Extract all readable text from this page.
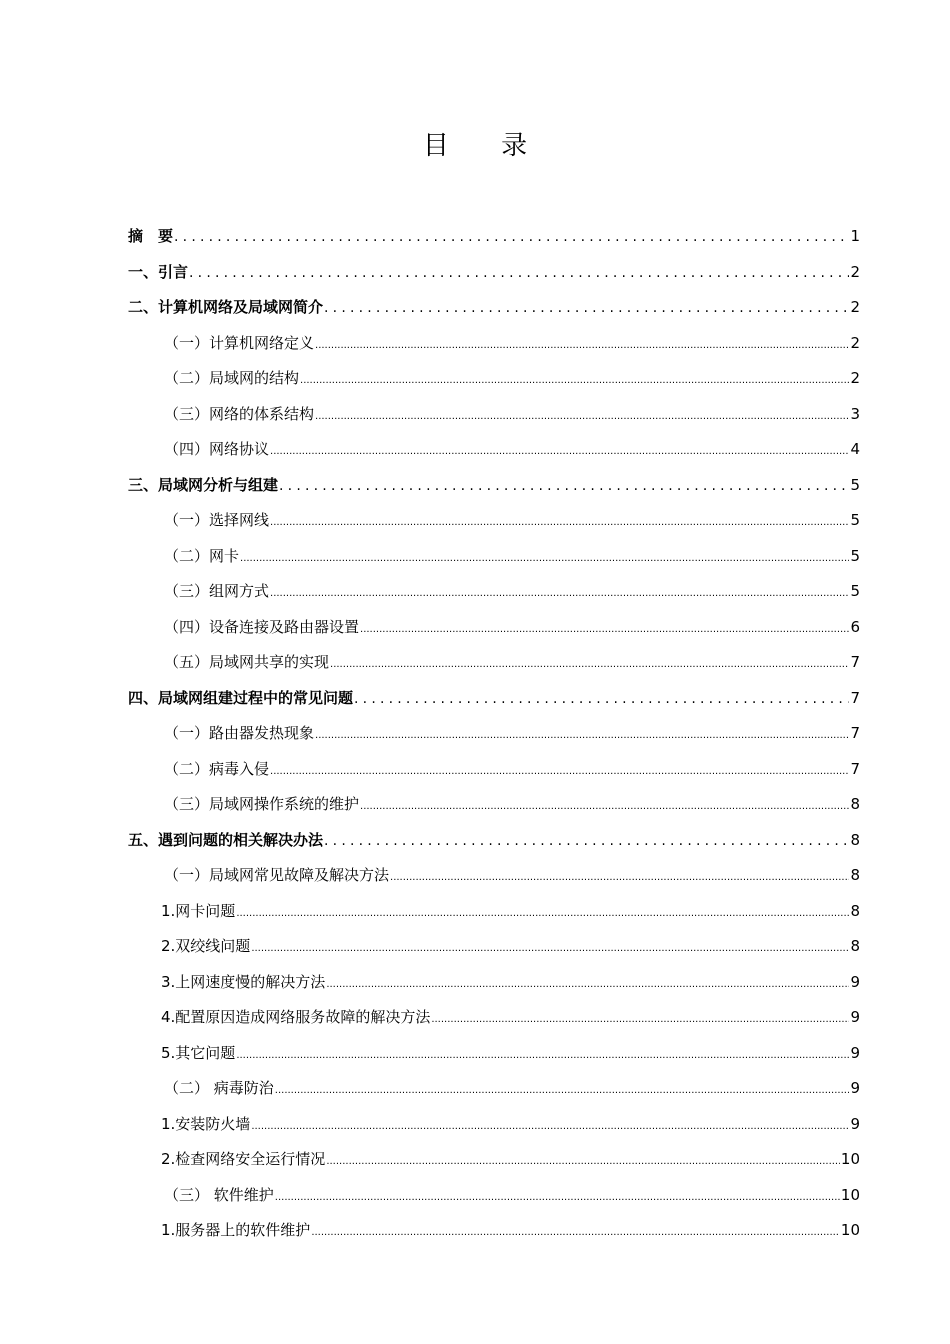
目 录
摘　要 .....	1
一、引言 .....	2
二、计算机网络及局域网简介 .....	2
（一）计算机网络定义 .....	2
（二）局域网的结构 .....	2
（三）网络的体系结构 .....	3
（四）网络协议 .....	4
三、局域网分析与组建 .....	5
（一）选择网线 .....	5
（二）网卡 .....	5
（三）组网方式 .....	5
（四）设备连接及路由器设置 .....	6
（五）局域网共享的实现 .....	7
四、局域网组建过程中的常见问题 .....	7
（一）路由器发热现象 .....	7
（二）病毒入侵 .....	7
（三）局域网操作系统的维护 .....	8
五、遇到问题的相关解决办法 .....	8
（一）局域网常见故障及解决方法 .....	8
1.网卡问题 .....	8
2.双绞线问题 .....	8
3.上网速度慢的解决方法 .....	9
4.配置原因造成网络服务故障的解决方法 .....	9
5.其它问题 .....	9
（二） 病毒防治 .....	9
1.安装防火墙 .....	9
2.检查网络安全运行情况 .....	10
（三） 软件维护 .....	10
1.服务器上的软件维护 .....	10
